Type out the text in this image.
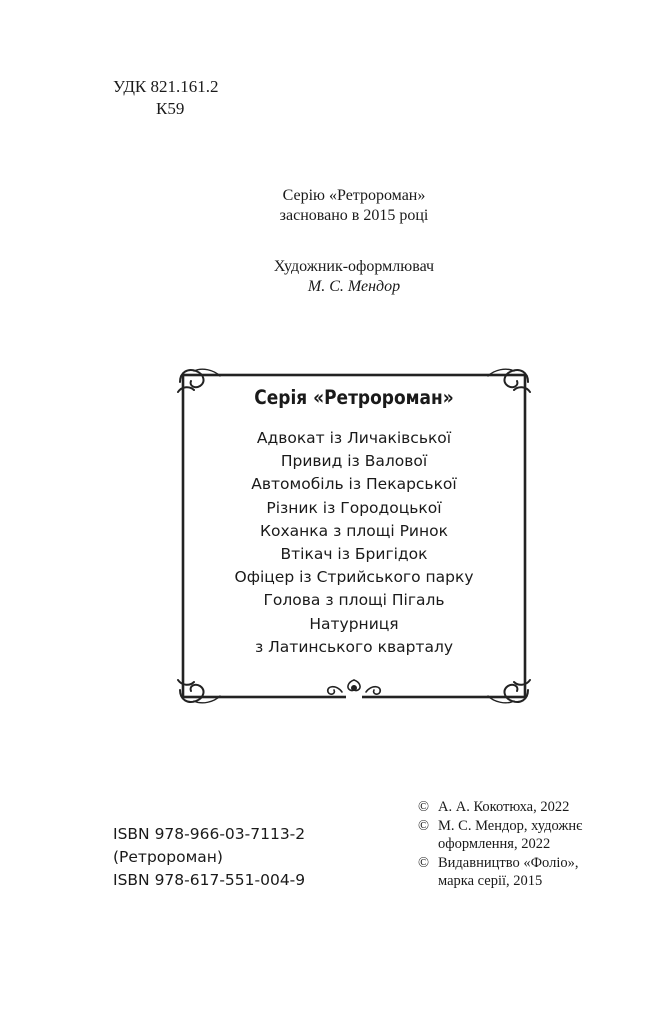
УДК 821.161.2
К59
Серію «Ретророман»
засновано в 2015 році
Художник-оформлювач
М. С. Мендор
Серія «Ретророман»
Адвокат із Личаківської
Привид із Валової
Автомобіль із Пекарської
Різник із Городоцької
Коханка з площі Ринок
Втікач із Бригідок
Офіцер із Стрийського парку
Голова з площі Пігаль
Натурниця
з Латинського кварталу
ISBN 978-966-03-7113-2
(Ретророман)
ISBN 978-617-551-004-9
© А. А. Кокотюха, 2022
© М. С. Мендор, художнє
оформлення, 2022
© Видавництво «Фоліо»,
марка серії, 2015
